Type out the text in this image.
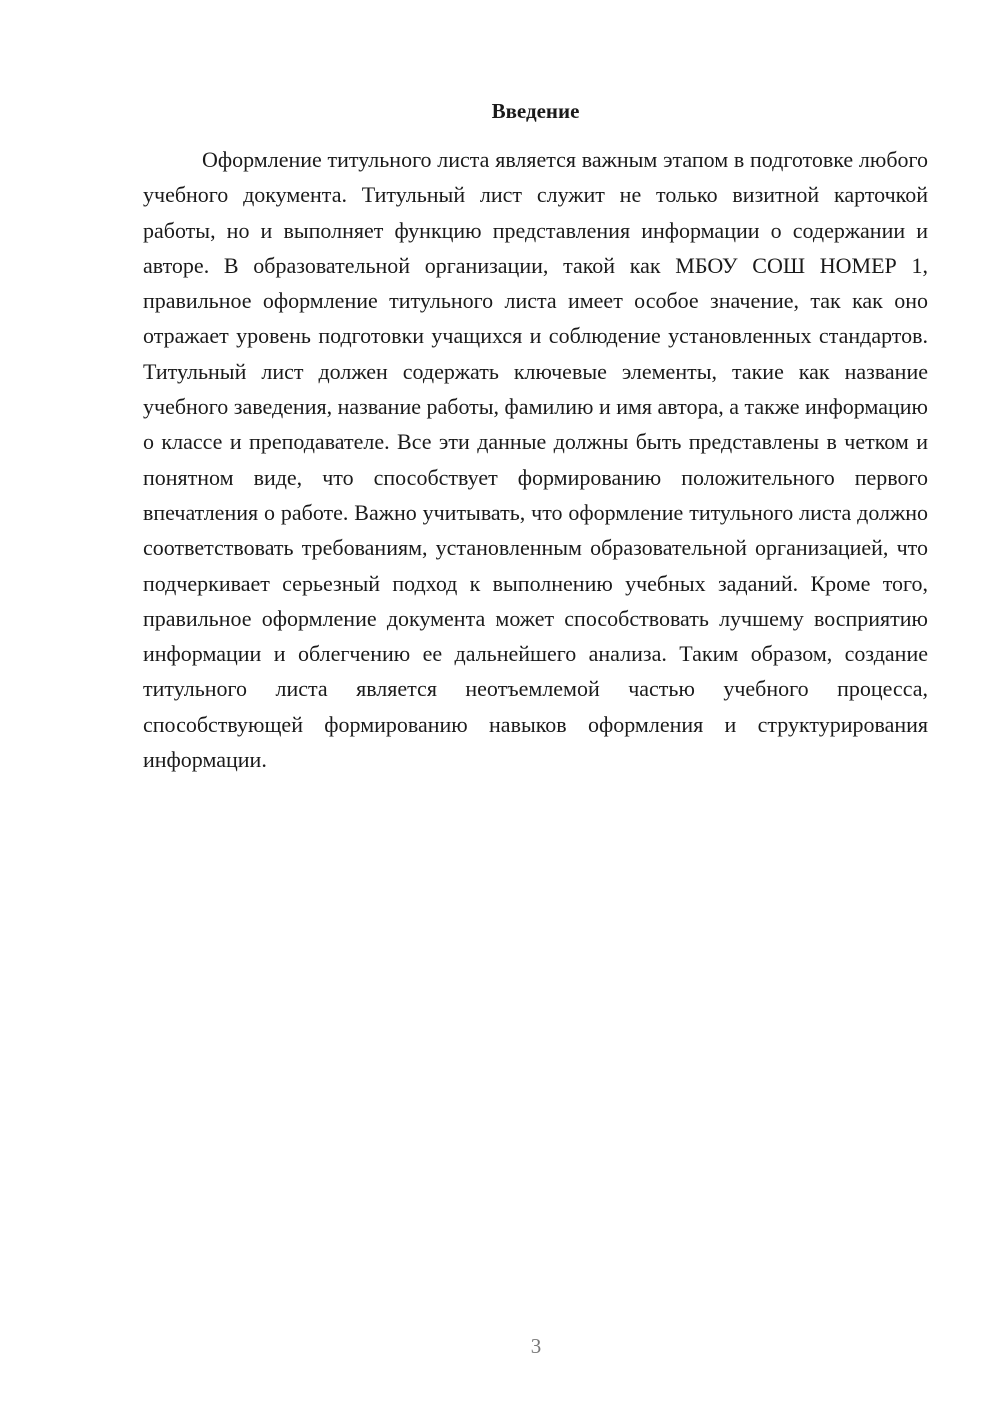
Введение

Оформление титульного листа является важным этапом в подготовке любого учебного документа. Титульный лист служит не только визитной карточкой работы, но и выполняет функцию представления информации о содержании и авторе. В образовательной организации, такой как МБОУ СОШ НОМЕР 1, правильное оформление титульного листа имеет особое значение, так как оно отражает уровень подготовки учащихся и соблюдение установленных стандартов. Титульный лист должен содержать ключевые элементы, такие как название учебного заведения, название работы, фамилию и имя автора, а также информацию о классе и преподавателе. Все эти данные должны быть представлены в четком и понятном виде, что способствует формированию положительного первого впечатления о работе. Важно учитывать, что оформление титульного листа должно соответствовать требованиям, установленным образовательной организацией, что подчеркивает серьезный подход к выполнению учебных заданий. Кроме того, правильное оформление документа может способствовать лучшему восприятию информации и облегчению ее дальнейшего анализа. Таким образом, создание титульного листа является неотъемлемой частью учебного процесса, способствующей формированию навыков оформления и структурирования информации.

3
